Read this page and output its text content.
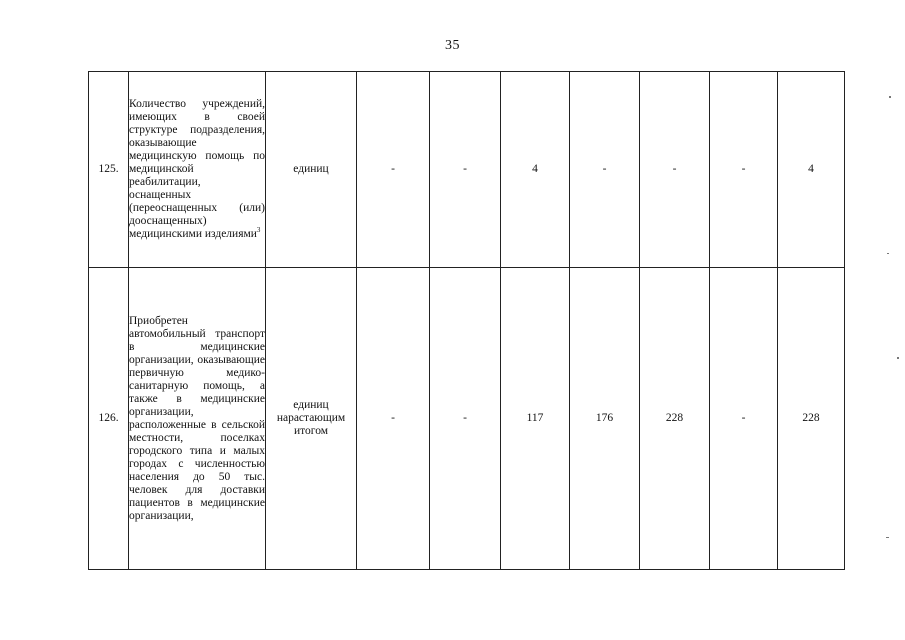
35
125.	Количество учреждений, имеющих в своей структуре подразделения, оказывающие медицинскую помощь по медицинской реабилитации, оснащенных (переоснащенных (или) дооснащенных) медицинскими изделиями$^3$	единиц	-	-	4	-	-	-	4
126.	Приобретен автомобильный транспорт в медицинские организации, оказывающие первичную медико-санитарную помощь, а также в медицинские организации, расположенные в сельской местности, поселках городского типа и малых городах с численностью населения до 50 тыс. человек для доставки пациентов в медицинские организации,	единиц нарастающим итогом	-	-	117	176	228	-	228
